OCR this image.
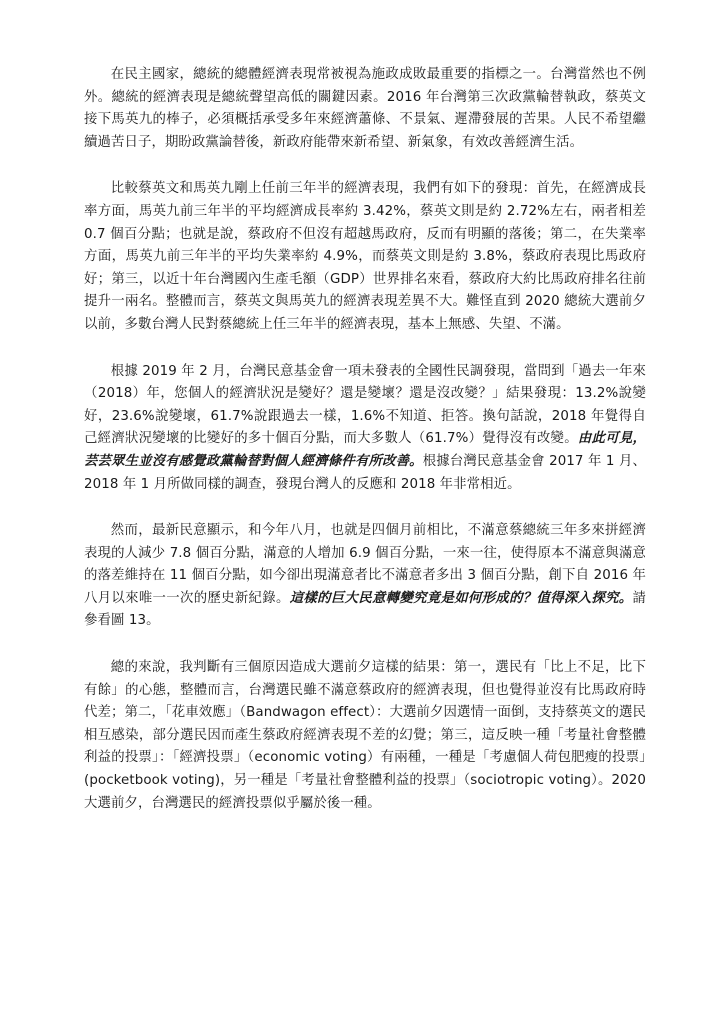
在民主國家，總統的總體經濟表現常被視為施政成敗最重要的指標之一。台灣當然也不例外。總統的經濟表現是總統聲望高低的關鍵因素。2016 年台灣第三次政黨輪替執政，蔡英文接下馬英九的棒子，必須概括承受多年來經濟蕭條、不景氣、遲滯發展的苦果。人民不希望繼續過苦日子，期盼政黨論替後，新政府能帶來新希望、新氣象，有效改善經濟生活。

比較蔡英文和馬英九剛上任前三年半的經濟表現，我們有如下的發現：首先，在經濟成長率方面，馬英九前三年半的平均經濟成長率約 3.42%，蔡英文則是約 2.72%左右，兩者相差 0.7 個百分點；也就是說，蔡政府不但沒有超越馬政府，反而有明顯的落後；第二，在失業率方面，馬英九前三年半的平均失業率約 4.9%，而蔡英文則是約 3.8%，蔡政府表現比馬政府好；第三，以近十年台灣國內生產毛額（GDP）世界排名來看，蔡政府大約比馬政府排名往前提升一兩名。整體而言，蔡英文與馬英九的經濟表現差異不大。難怪直到 2020 總統大選前夕以前，多數台灣人民對蔡總統上任三年半的經濟表現，基本上無感、失望、不滿。

根據 2019 年 2 月，台灣民意基金會一項未發表的全國性民調發現，當問到「過去一年來（2018）年，您個人的經濟狀況是變好？還是變壞？還是沒改變？」結果發現：13.2%說變好，23.6%說變壞，61.7%說跟過去一樣，1.6%不知道、拒答。換句話說，2018 年覺得自己經濟狀況變壞的比變好的多十個百分點，而大多數人（61.7%）覺得沒有改變。由此可見，芸芸眾生並沒有感覺政黨輪替對個人經濟條件有所改善。根據台灣民意基金會 2017 年 1 月、2018 年 1 月所做同樣的調查，發現台灣人的反應和 2018 年非常相近。

然而，最新民意顯示，和今年八月，也就是四個月前相比，不滿意蔡總統三年多來拼經濟表現的人減少 7.8 個百分點，滿意的人增加 6.9 個百分點，一來一往，使得原本不滿意與滿意的落差維持在 11 個百分點，如今卻出現滿意者比不滿意者多出 3 個百分點，創下自 2016 年八月以來唯一一次的歷史新紀錄。這樣的巨大民意轉變究竟是如何形成的？值得深入探究。請參看圖 13。

總的來說，我判斷有三個原因造成大選前夕這樣的結果：第一，選民有「比上不足，比下有餘」的心態，整體而言，台灣選民雖不滿意蔡政府的經濟表現，但也覺得並沒有比馬政府時代差；第二，「花車效應」（Bandwagon effect）：大選前夕因選情一面倒，支持蔡英文的選民相互感染，部分選民因而產生蔡政府經濟表現不差的幻覺；第三，這反映一種「考量社會整體利益的投票」：「經濟投票」（economic voting）有兩種，一種是「考慮個人荷包肥瘦的投票」(pocketbook voting)，另一種是「考量社會整體利益的投票」（sociotropic voting）。2020 大選前夕，台灣選民的經濟投票似乎屬於後一種。
